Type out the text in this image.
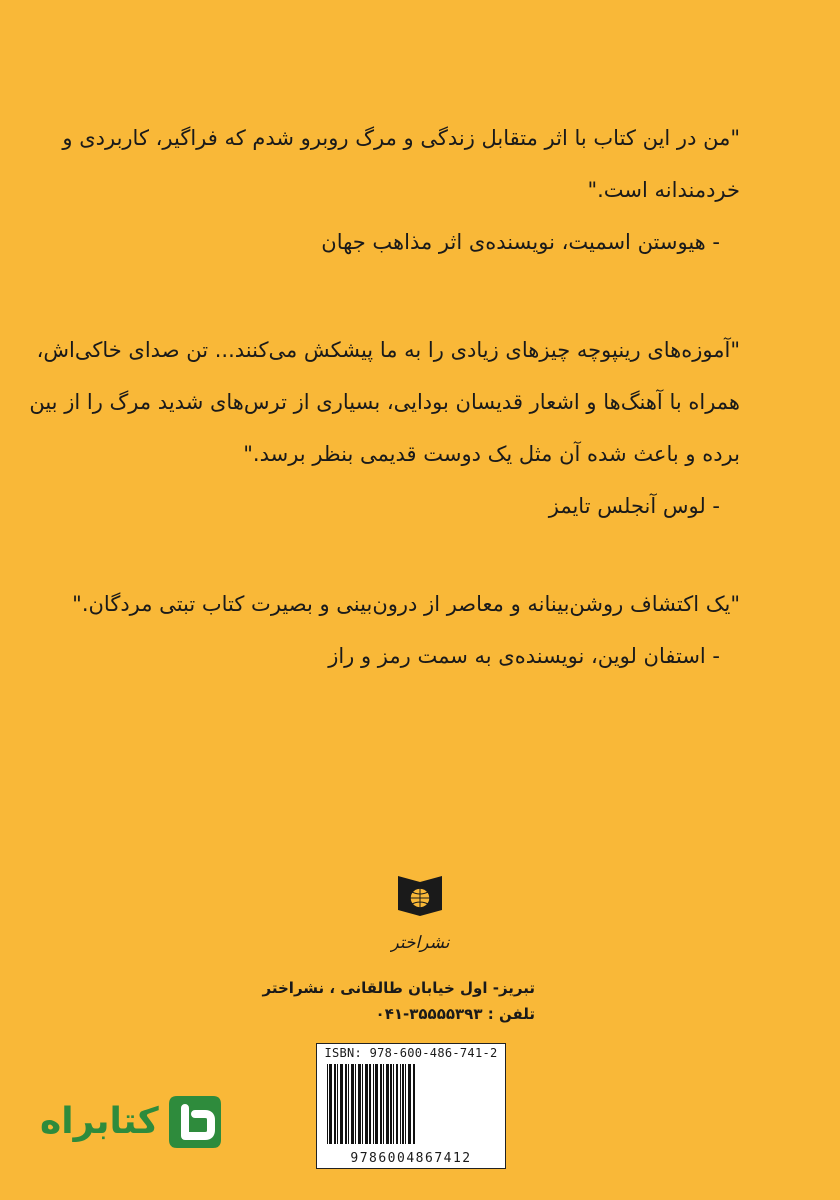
"من در این کتاب با اثر متقابل زندگی و مرگ روبرو شدم که فراگیر، کاربردی و
خردمندانه است."
- هیوستن اسمیت، نویسنده‌ی اثر مذاهب جهان
"آموزه‌های رینپوچه چیزهای زیادی را به ما پیشکش می‌کنند... تن صدای خاکی‌اش،
همراه با آهنگ‌ها و اشعار قدیسان بودایی، بسیاری از ترس‌های شدید مرگ را از بین
برده و باعث شده آن مثل یک دوست قدیمی بنظر برسد."
- لوس آنجلس تایمز
"یک اکتشاف روشن‌بینانه و معاصر از درون‌بینی و بصیرت کتاب تبتی مردگان."
- استفان لوین، نویسنده‌ی به سمت رمز و راز
نشراختر
تبریز- اول خیابان طالقانی ، نشراختر
تلفن : ۳۵۵۵۵۳۹۳-۰۴۱
ISBN: 978-600-486-741-2
9786004867412
کتابراه
